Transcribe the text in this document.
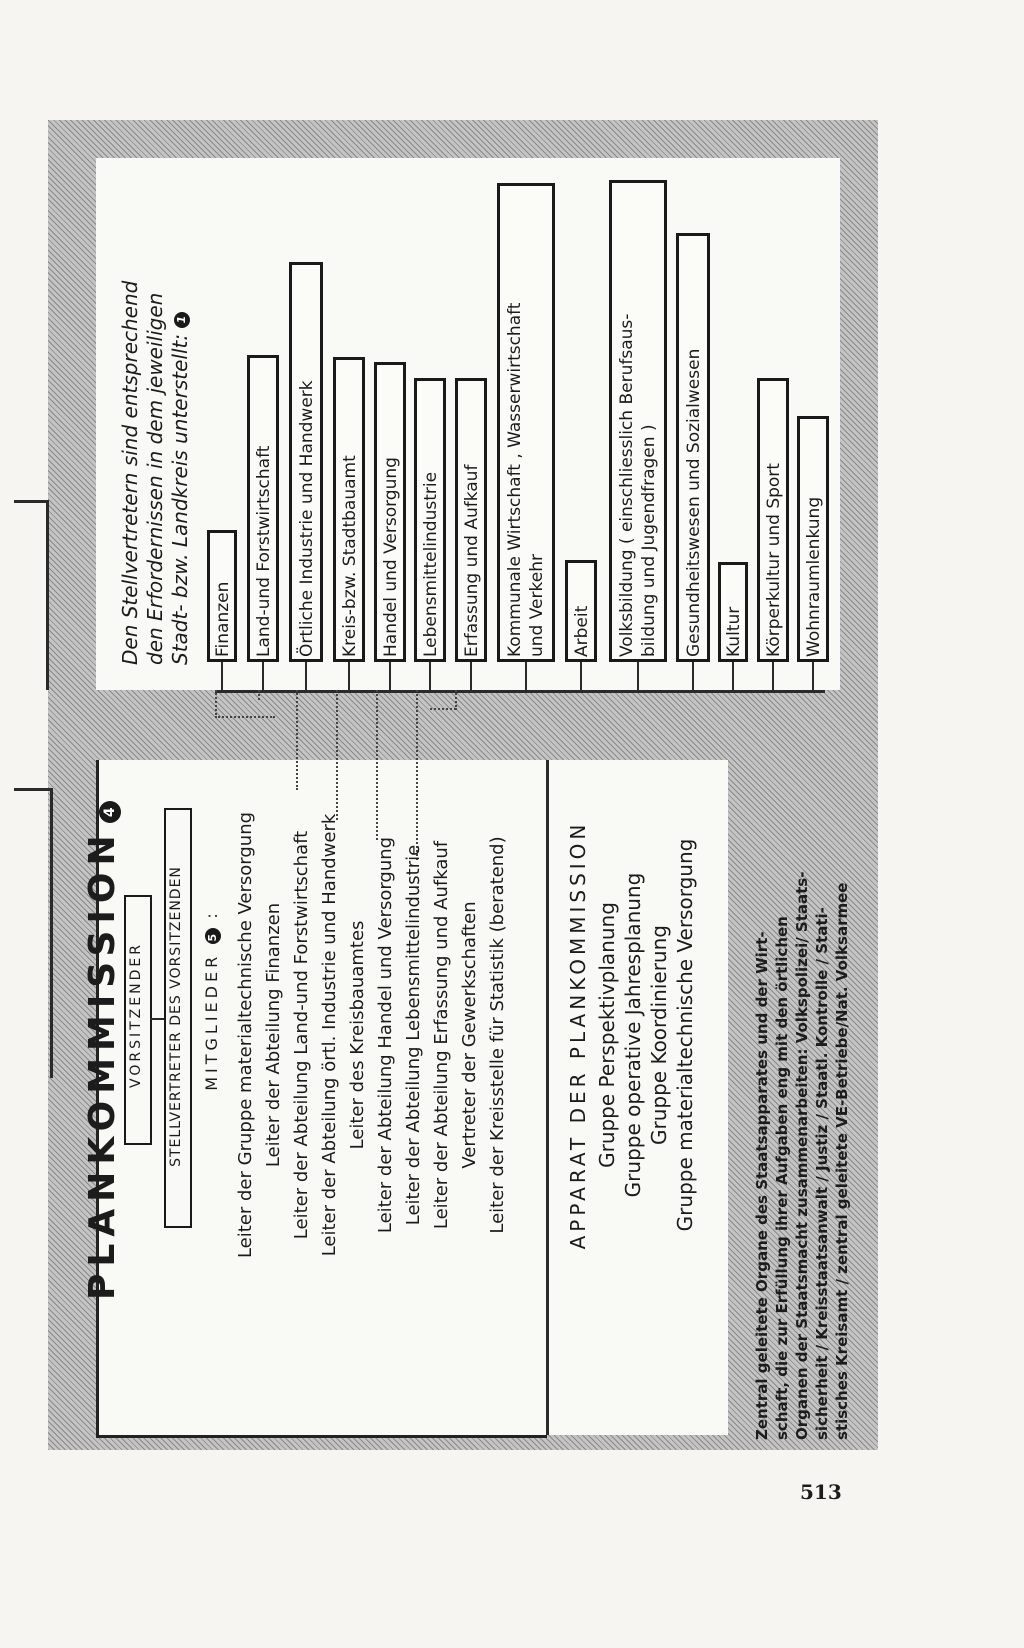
Den Stellvertretern sind entsprechend den Erfordernissen in dem jeweiligen Stadt- bzw. Landkreis unterstellt: 1
Finanzen Land-und Forstwirtschaft Örtliche Industrie und Handwerk Kreis-bzw. Stadtbauamt Handel und Versorgung Lebensmittelindustrie Erfassung und Aufkauf Kommunale Wirtschaft , Wasserwirtschaft und Verkehr Arbeit Volksbildung ( einschliesslich Berufsaus- bildung und Jugendfragen ) Gesundheitswesen und Sozialwesen Kultur Körperkultur und Sport Wohnraumlenkung
PLANKOMMISSION 4
VORSITZENDER STELLVERTRETER DES VORSITZENDEN MITGLIEDER 5 : Leiter der Gruppe materialtechnische Versorgung Leiter der Abteilung Finanzen Leiter der Abteilung Land-und Forstwirtschaft Leiter der Abteilung örtl. Industrie und Handwerk Leiter des Kreisbauamtes Leiter der Abteilung Handel und Versorgung Leiter der Abteilung Lebensmittelindustrie Leiter der Abteilung Erfassung und Aufkauf Vertreter der Gewerkschaften Leiter der Kreisstelle für Statistik (beratend)	APPARAT DER PLANKOMMISSION Gruppe Perspektivplanung Gruppe operative Jahresplanung Gruppe Koordinierung Gruppe materialtechnische Versorgung	Zentral geleitete Organe des Staatsapparates und der Wirt- schaft, die zur Erfüllung ihrer Aufgaben eng mit den örtlichen Organen der Staatsmacht zusammenarbeiten: Volkspolizei/ Staats- sicherheit / Kreisstaatsanwalt / Justiz / Staatl. Kontrolle / Stati- stisches Kreisamt / zentral geleitete VE-Betriebe/Nat. Volksarmee
513
